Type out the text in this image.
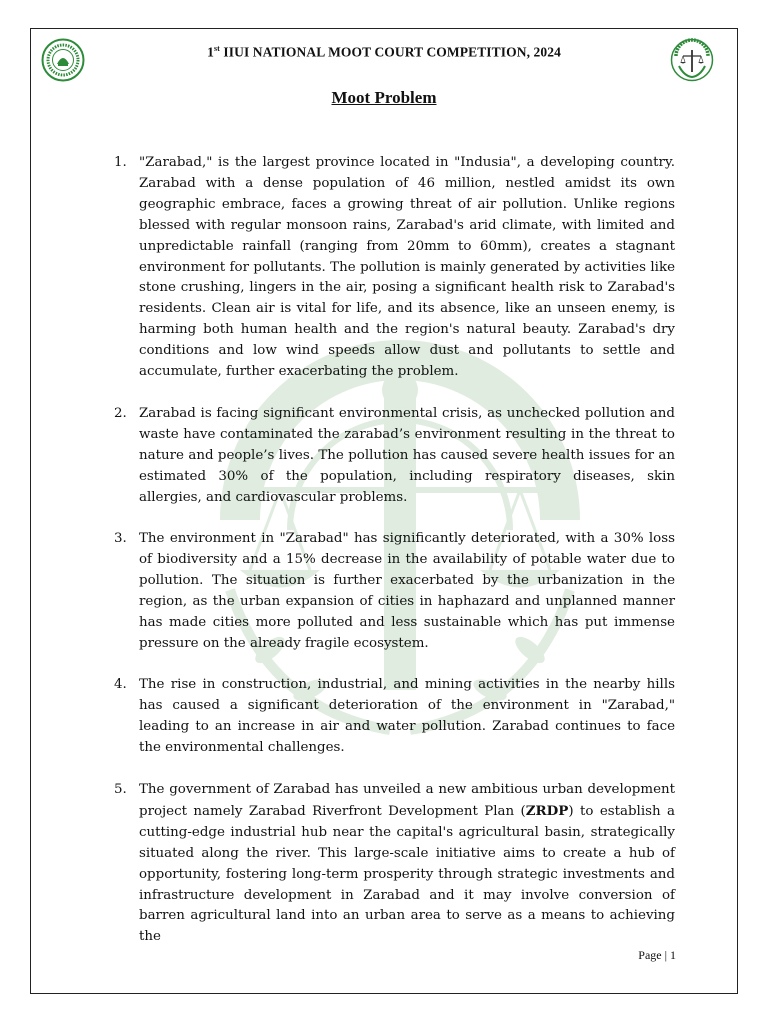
1st IIUI NATIONAL MOOT COURT COMPETITION, 2024
Moot Problem
1. "Zarabad," is the largest province located in "Indusia", a developing country. Zarabad with a dense population of 46 million, nestled amidst its own geographic embrace, faces a growing threat of air pollution. Unlike regions blessed with regular monsoon rains, Zarabad's arid climate, with limited and unpredictable rainfall (ranging from 20mm to 60mm), creates a stagnant environment for pollutants. The pollution is mainly generated by activities like stone crushing, lingers in the air, posing a significant health risk to Zarabad's residents. Clean air is vital for life, and its absence, like an unseen enemy, is harming both human health and the region's natural beauty. Zarabad's dry conditions and low wind speeds allow dust and pollutants to settle and accumulate, further exacerbating the problem.
2. Zarabad is facing significant environmental crisis, as unchecked pollution and waste have contaminated the zarabad’s environment resulting in the threat to nature and people’s lives. The pollution has caused severe health issues for an estimated 30% of the population, including respiratory diseases, skin allergies, and cardiovascular problems.
3. The environment in "Zarabad" has significantly deteriorated, with a 30% loss of biodiversity and a 15% decrease in the availability of potable water due to pollution. The situation is further exacerbated by the urbanization in the region, as the urban expansion of cities in haphazard and unplanned manner has made cities more polluted and less sustainable which has put immense pressure on the already fragile ecosystem.
4. The rise in construction, industrial, and mining activities in the nearby hills has caused a significant deterioration of the environment in "Zarabad," leading to an increase in air and water pollution. Zarabad continues to face the environmental challenges.
5. The government of Zarabad has unveiled a new ambitious urban development project namely Zarabad Riverfront Development Plan (ZRDP) to establish a cutting-edge industrial hub near the capital's agricultural basin, strategically situated along the river. This large-scale initiative aims to create a hub of opportunity, fostering long-term prosperity through strategic investments and infrastructure development in Zarabad and it may involve conversion of barren agricultural land into an urban area to serve as a means to achieving the
Page | 1
